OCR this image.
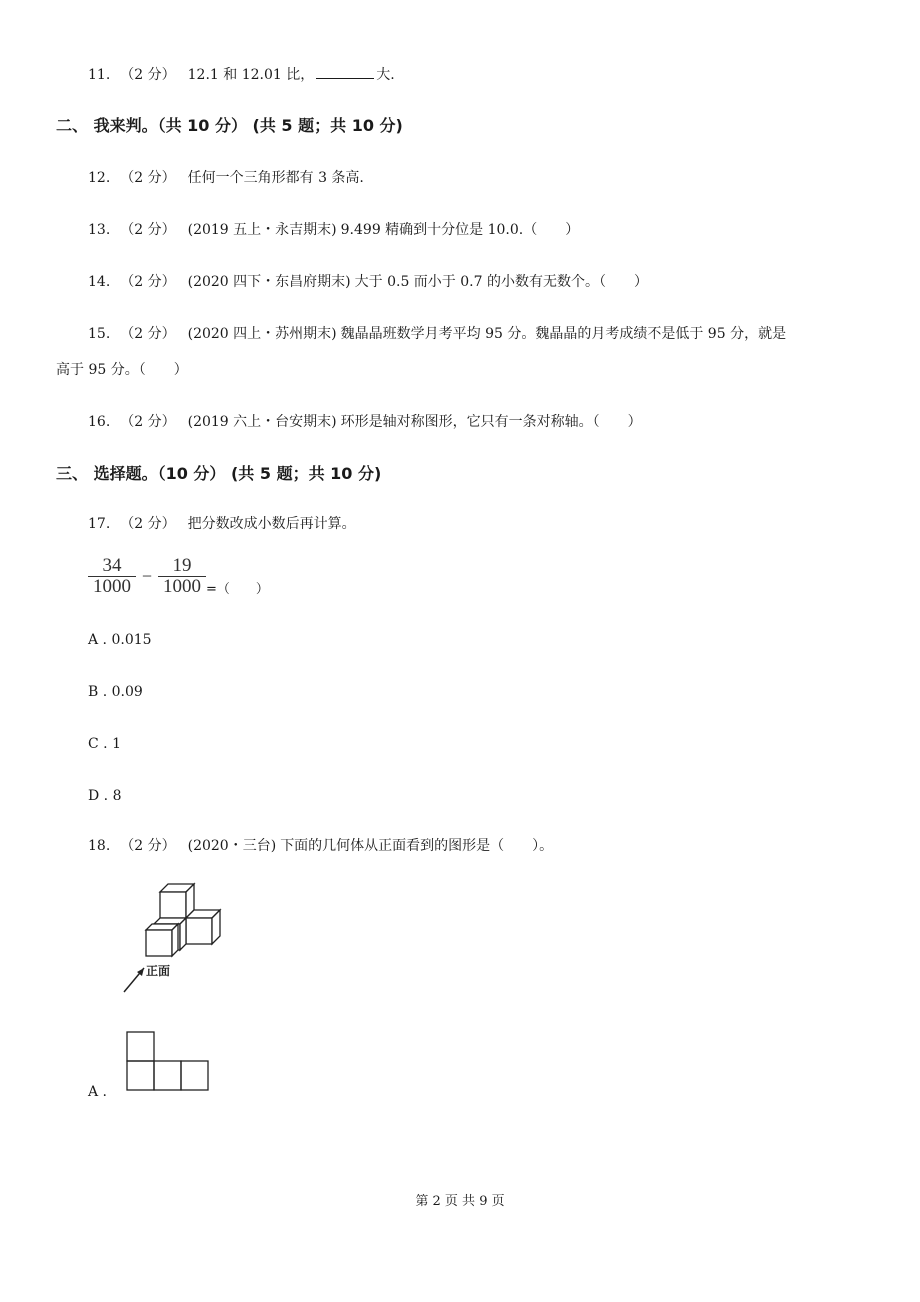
11. （2 分） 12.1 和 12.01 比，	大.
二、 我来判。（共 10 分） (共 5 题；共 10 分)
12. （2 分） 任何一个三角形都有 3 条高.
13. （2 分） (2019 五上・永吉期末) 9.499 精确到十分位是 10.0.（　　）
14. （2 分） (2020 四下・东昌府期末) 大于 0.5 而小于 0.7 的小数有无数个。（　　）
15. （2 分） (2020 四上・苏州期末) 魏晶晶班数学月考平均 95 分。魏晶晶的月考成绩不是低于 95 分，就是
高于 95 分。（　　）
16. （2 分） (2019 六上・台安期末) 环形是轴对称图形，它只有一条对称轴。（　　）
三、 选择题。（10 分） (共 5 题；共 10 分)
17. （2 分） 把分数改成小数后再计算。
$\frac{34}{1000} - \frac{19}{1000}$ =（　　）
A . 0.015
B . 0.09
C . 1
D . 8
18. （2 分） (2020・三台) 下面的几何体从正面看到的图形是（　　）。
正面
A .
第 2 页 共 9 页
